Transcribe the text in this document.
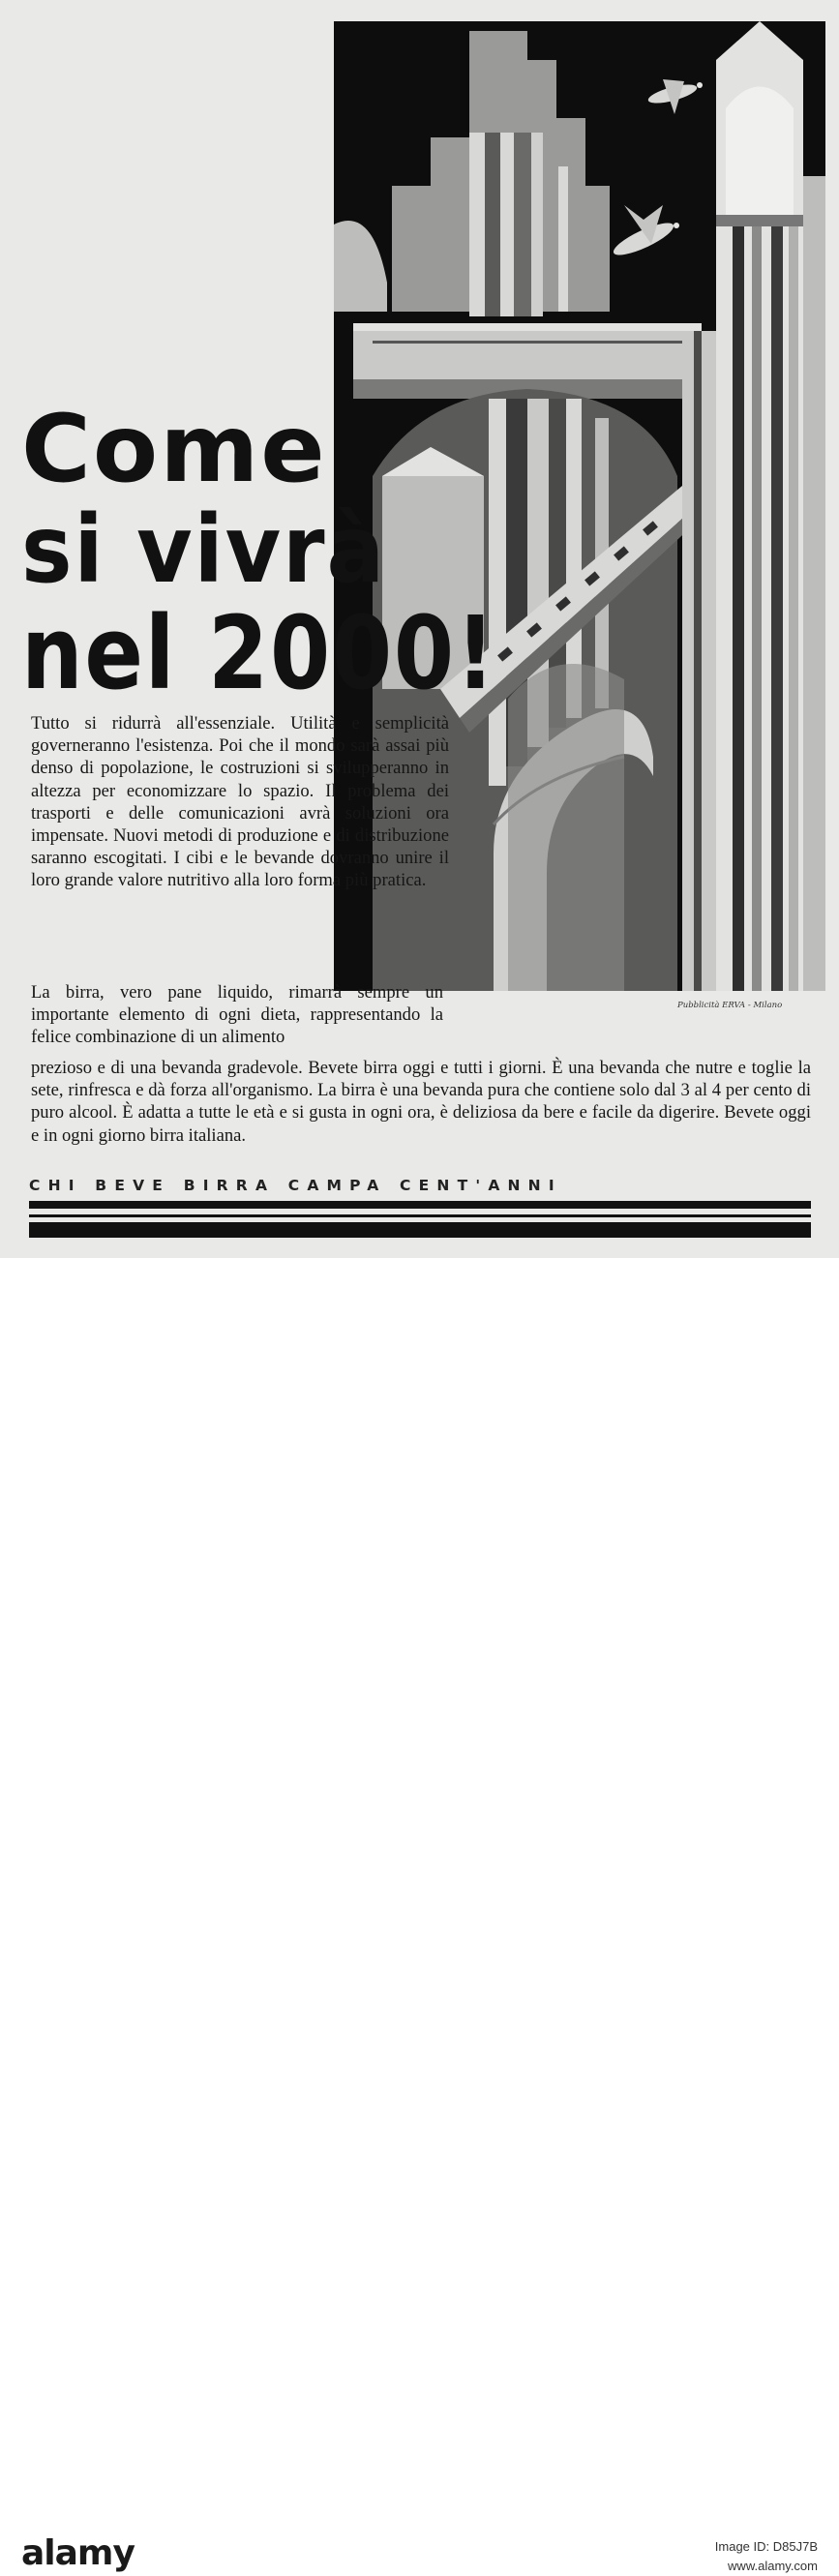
Come
si vivrà
nel 2000!
Tutto si ridurrà all'essenziale. Utilità e semplicità governeranno l'esistenza. Poi che il mondo sarà assai più denso di popolazione, le costruzioni si svilupperanno in altezza per economizzare lo spazio. Il problema dei trasporti e delle comunicazioni avrà soluzioni ora impensate. Nuovi metodi di produzione e di distribuzione saranno escogitati. I cibi e le bevande dovranno unire il loro grande valore nutritivo alla loro forma più pratica.
La birra, vero pane liquido, rimarrà sempre un importante elemento di ogni dieta, rappresentando la felice combinazione di un alimento
prezioso e di una bevanda gradevole. Bevete birra oggi e tutti i giorni. È una bevanda che nutre e toglie la sete, rinfresca e dà forza all'organismo. La birra è una bevanda pura che contiene solo dal 3 al 4 per cento di puro alcool. È adatta a tutte le età e si gusta in ogni ora, è deliziosa da bere e facile da digerire. Bevete oggi e in ogni giorno birra italiana.
Pubblicità ERVA - Milano
CHI BEVE BIRRA CAMPA CENT'ANNI
alamy	Image ID: D85J7B
www.alamy.com
